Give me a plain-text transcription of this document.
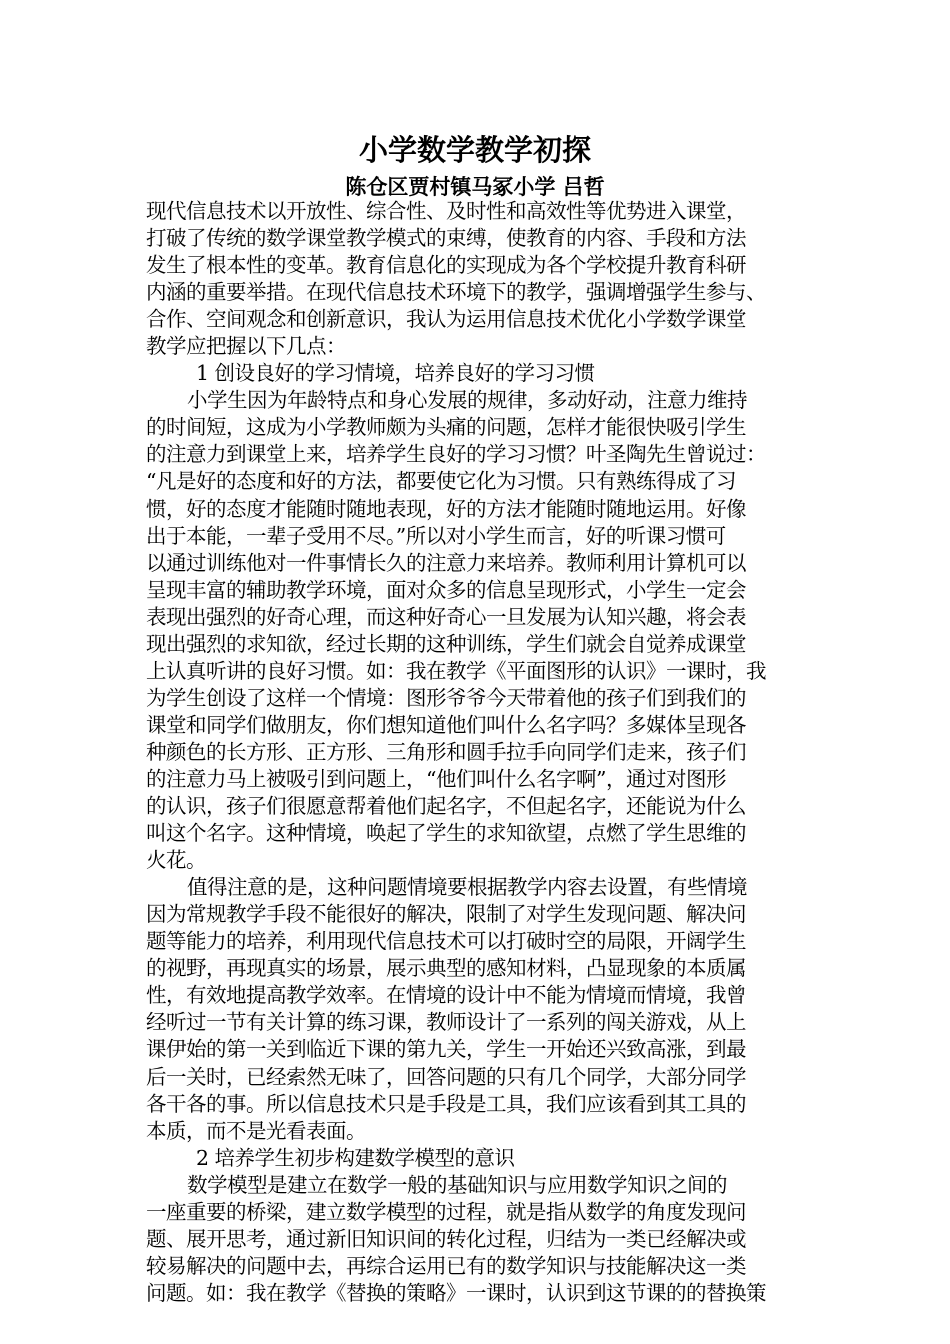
小学数学教学初探
陈仓区贾村镇马冢小学 吕哲
现代信息技术以开放性、综合性、及时性和高效性等优势进入课堂，
打破了传统的数学课堂教学模式的束缚，使教育的内容、手段和方法
发生了根本性的变革。教育信息化的实现成为各个学校提升教育科研
内涵的重要举措。在现代信息技术环境下的教学，强调增强学生参与、
合作、空间观念和创新意识，我认为运用信息技术优化小学数学课堂
教学应把握以下几点：
1 创设良好的学习情境，培养良好的学习习惯
小学生因为年龄特点和身心发展的规律，多动好动，注意力维持
的时间短，这成为小学教师颇为头痛的问题，怎样才能很快吸引学生
的注意力到课堂上来，培养学生良好的学习习惯？叶圣陶先生曾说过：
“凡是好的态度和好的方法，都要使它化为习惯。只有熟练得成了习
惯，好的态度才能随时随地表现，好的方法才能随时随地运用。好像
出于本能，一辈子受用不尽。”所以对小学生而言，好的听课习惯可
以通过训练他对一件事情长久的注意力来培养。教师利用计算机可以
呈现丰富的辅助教学环境，面对众多的信息呈现形式，小学生一定会
表现出强烈的好奇心理，而这种好奇心一旦发展为认知兴趣，将会表
现出强烈的求知欲，经过长期的这种训练，学生们就会自觉养成课堂
上认真听讲的良好习惯。如：我在教学《平面图形的认识》一课时，我
为学生创设了这样一个情境：图形爷爷今天带着他的孩子们到我们的
课堂和同学们做朋友，你们想知道他们叫什么名字吗？多媒体呈现各
种颜色的长方形、正方形、三角形和圆手拉手向同学们走来，孩子们
的注意力马上被吸引到问题上，“他们叫什么名字啊”，通过对图形
的认识，孩子们很愿意帮着他们起名字，不但起名字，还能说为什么
叫这个名字。这种情境，唤起了学生的求知欲望，点燃了学生思维的
火花。
值得注意的是，这种问题情境要根据教学内容去设置，有些情境
因为常规教学手段不能很好的解决，限制了对学生发现问题、解决问
题等能力的培养，利用现代信息技术可以打破时空的局限，开阔学生
的视野，再现真实的场景，展示典型的感知材料，凸显现象的本质属
性，有效地提高教学效率。在情境的设计中不能为情境而情境，我曾
经听过一节有关计算的练习课，教师设计了一系列的闯关游戏，从上
课伊始的第一关到临近下课的第九关，学生一开始还兴致高涨，到最
后一关时，已经索然无味了，回答问题的只有几个同学，大部分同学
各干各的事。所以信息技术只是手段是工具，我们应该看到其工具的
本质，而不是光看表面。
2 培养学生初步构建数学模型的意识
数学模型是建立在数学一般的基础知识与应用数学知识之间的
一座重要的桥梁，建立数学模型的过程，就是指从数学的角度发现问
题、展开思考，通过新旧知识间的转化过程，归结为一类已经解决或
较易解决的问题中去，再综合运用已有的数学知识与技能解决这一类
问题。如：我在教学《替换的策略》一课时，认识到这节课的的替换策
